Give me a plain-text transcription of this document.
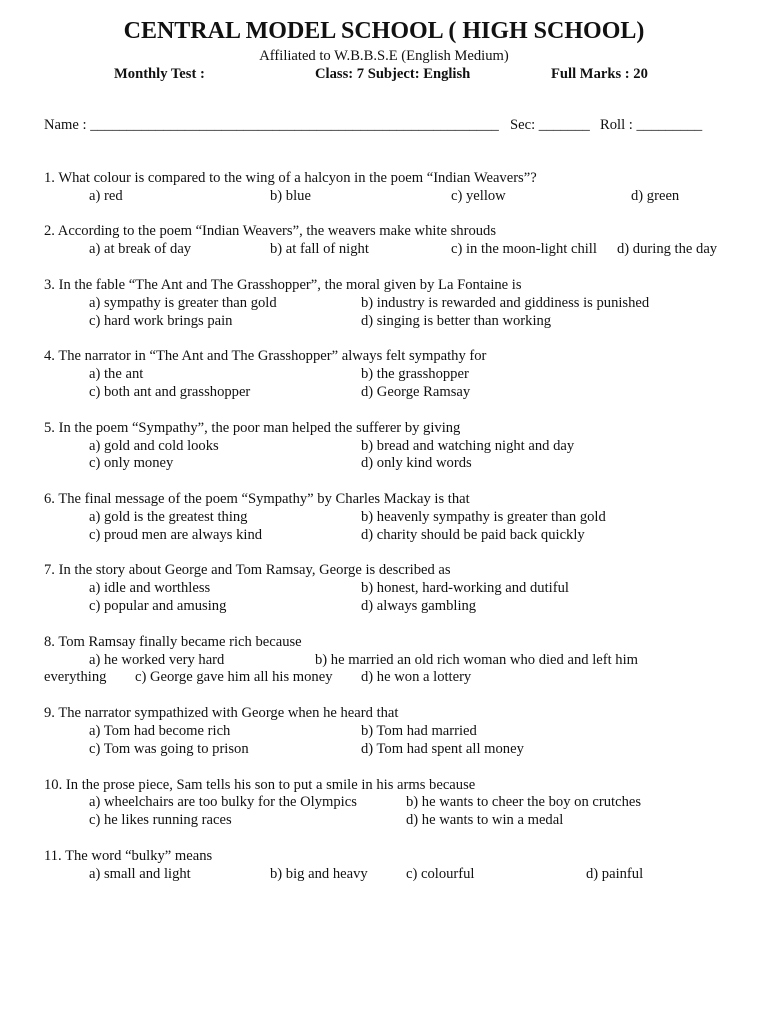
CENTRAL MODEL SCHOOL ( HIGH SCHOOL)
Affiliated to W.B.B.S.E (English Medium)
Monthly Test :	Class: 7 Subject: English	Full Marks : 20
Name : ________________________________________________________ Sec: _______ Roll : _________
1. What colour is compared to the wing of a halcyon in the poem “Indian Weavers”?
a) red	b) blue	c) yellow	d) green
2. According to the poem “Indian Weavers”, the weavers make white shrouds
a) at break of day	b) at fall of night	c) in the moon-light chill d) during the day
3. In the fable “The Ant and The Grasshopper”, the moral given by La Fontaine is
a) sympathy is greater than gold	b) industry is rewarded and giddiness is punished
c) hard work brings pain	d) singing is better than working
4. The narrator in “The Ant and The Grasshopper” always felt sympathy for
a) the ant	b) the grasshopper
c) both ant and grasshopper	d) George Ramsay
5. In the poem “Sympathy”, the poor man helped the sufferer by giving
a) gold and cold looks	b) bread and watching night and day
c) only money	d) only kind words
6. The final message of the poem “Sympathy” by Charles Mackay is that
a) gold is the greatest thing	b) heavenly sympathy is greater than gold
c) proud men are always kind	d) charity should be paid back quickly
7. In the story about George and Tom Ramsay, George is described as
a) idle and worthless	b) honest, hard-working and dutiful
c) popular and amusing	d) always gambling
8. Tom Ramsay finally became rich because
a) he worked very hard	b) he married an old rich woman who died and left him
everything c) George gave him all his money d) he won a lottery
9. The narrator sympathized with George when he heard that
a) Tom had become rich	b) Tom had married
c) Tom was going to prison	d) Tom had spent all money
10. In the prose piece, Sam tells his son to put a smile in his arms because
a) wheelchairs are too bulky for the Olympics	b) he wants to cheer the boy on crutches
c) he likes running races	d) he wants to win a medal
11. The word “bulky” means
a) small and light	b) big and heavy	c) colourful	d) painful
